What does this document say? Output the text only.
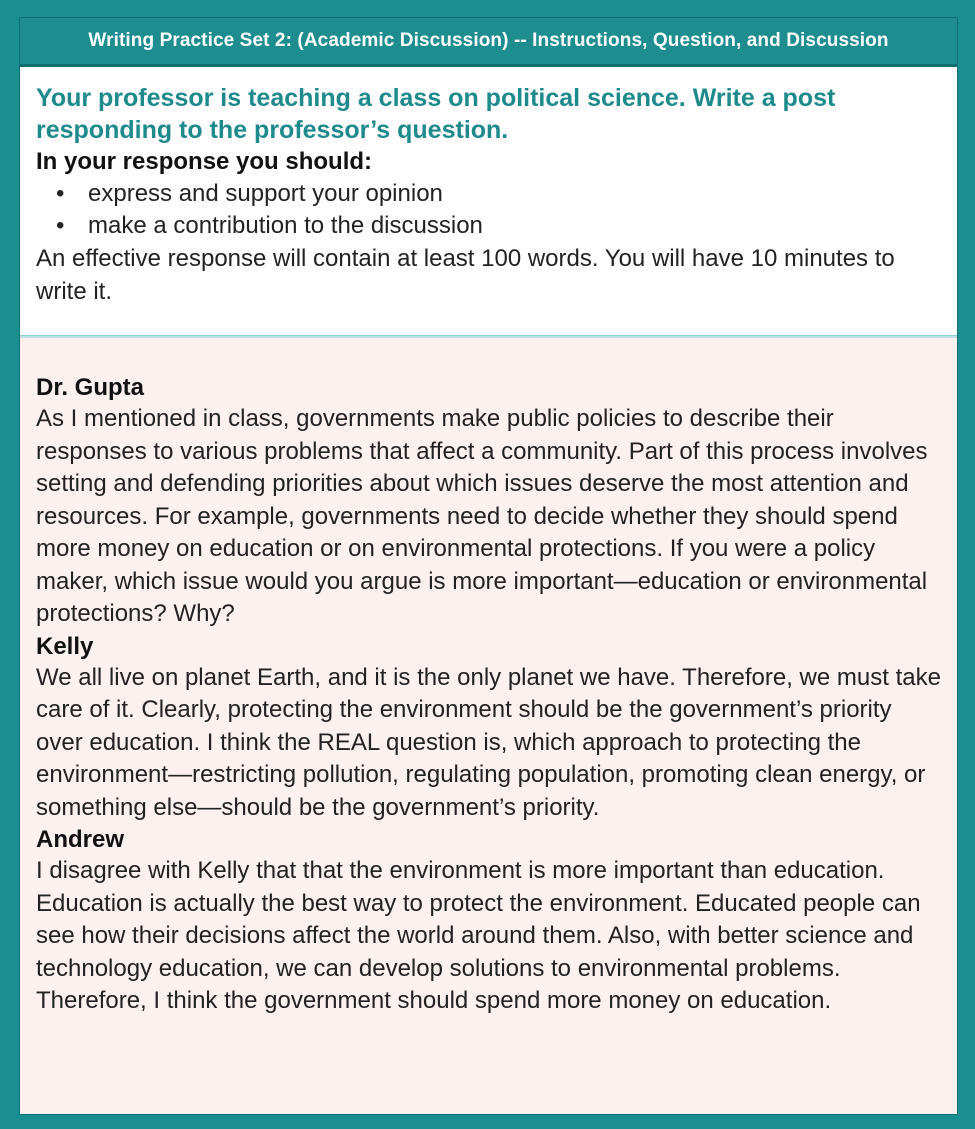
Writing Practice Set 2: (Academic Discussion) -- Instructions, Question, and Discussion

Your professor is teaching a class on political science. Write a post responding to the professor’s question.

In your response you should:

• express and support your opinion
• make a contribution to the discussion

An effective response will contain at least 100 words. You will have 10 minutes to write it.

Dr. Gupta

As I mentioned in class, governments make public policies to describe their responses to various problems that affect a community. Part of this process involves setting and defending priorities about which issues deserve the most attention and resources. For example, governments need to decide whether they should spend more money on education or on environmental protections. If you were a policy maker, which issue would you argue is more important—education or environmental protections? Why?

Kelly

We all live on planet Earth, and it is the only planet we have. Therefore, we must take care of it. Clearly, protecting the environment should be the government’s priority over education. I think the REAL question is, which approach to protecting the environment—restricting pollution, regulating population, promoting clean energy, or something else—should be the government’s priority.

Andrew

I disagree with Kelly that that the environment is more important than education. Education is actually the best way to protect the environment. Educated people can see how their decisions affect the world around them. Also, with better science and technology education, we can develop solutions to environmental problems. Therefore, I think the government should spend more money on education.
